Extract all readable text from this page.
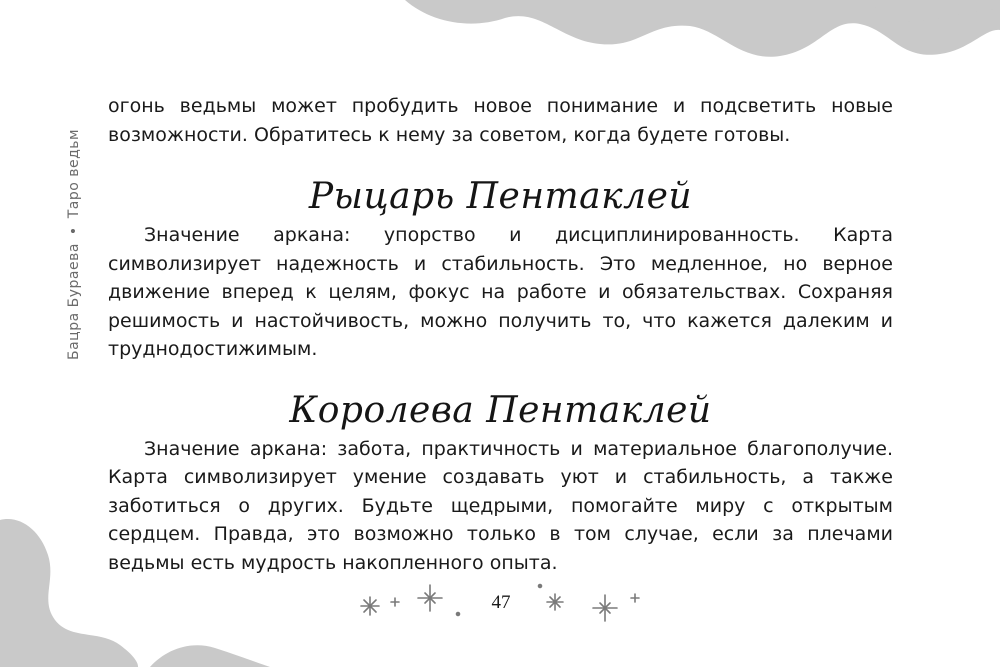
Бацра Бураева
•
Таро ведьм

огонь ведьмы может пробудить новое понимание и подсветить новые возможности. Обратитесь к нему за советом, когда будете готовы.

Рыцарь Пентаклей

Значение аркана: упорство и дисциплинированность. Карта символизирует надежность и стабильность. Это медленное, но верное движение вперед к целям, фокус на работе и обязательствах. Сохраняя решимость и настойчивость, можно получить то, что кажется далеким и труднодостижимым.

Королева Пентаклей

Значение аркана: забота, практичность и материальное благополучие. Карта символизирует умение создавать уют и стабильность, а также заботиться о других. Будьте щедрыми, помогайте миру с открытым сердцем. Правда, это возможно только в том случае, если за плечами ведьмы есть мудрость накопленного опыта.

47
